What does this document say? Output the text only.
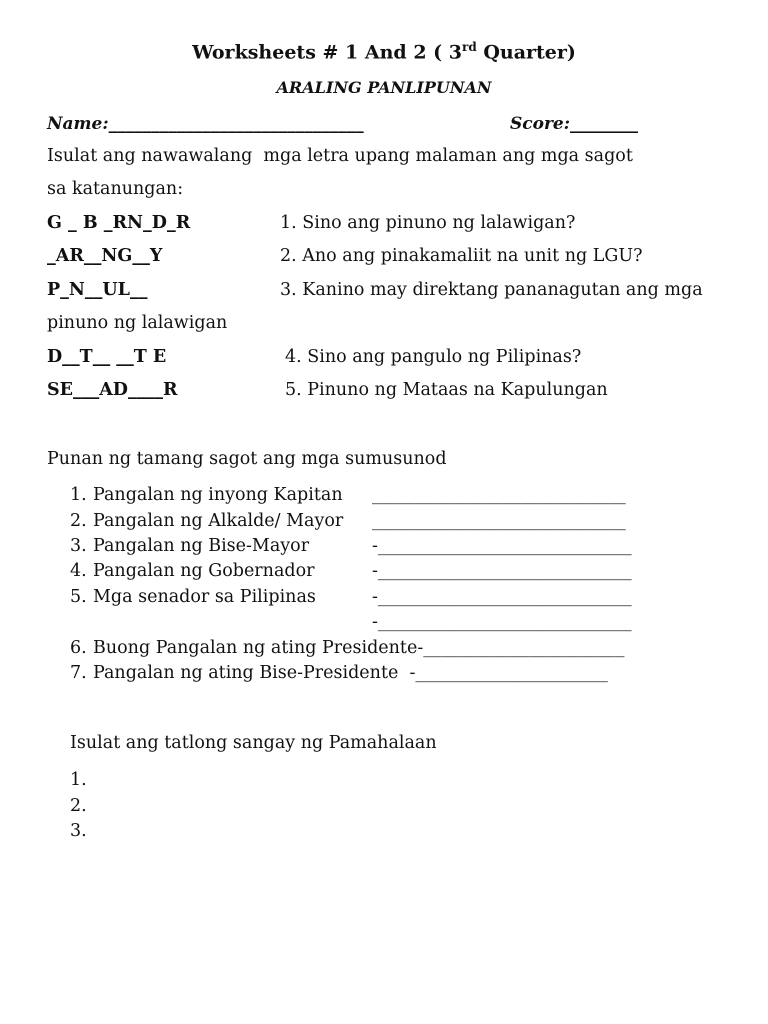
Worksheets # 1 And 2 ( 3rd Quarter)
ARALING PANLIPUNAN
Name:______________________________	Score:________
Isulat ang nawawalang  mga letra upang malaman ang mga sagot
sa katanungan:
G _ B _RN_D_R	1. Sino ang pinuno ng lalawigan?
_AR__NG__Y	2. Ano ang pinakamaliit na unit ng LGU?
P_N__UL__	3. Kanino may direktang pananagutan ang mga
pinuno ng lalawigan
D__T__ __T E	4. Sino ang pangulo ng Pilipinas?
SE___AD____R	5. Pinuno ng Mataas na Kapulungan
Punan ng tamang sagot ang mga sumusunod
1. Pangalan ng inyong Kapitan _____________________________
2. Pangalan ng Alkalde/ Mayor _____________________________
3. Pangalan ng Bise-Mayor	-_____________________________
4. Pangalan ng Gobernador	-_____________________________
5. Mga senador sa Pilipinas	-_____________________________
-_____________________________
6. Buong Pangalan ng ating Presidente-_______________________
7. Pangalan ng ating Bise-Presidente  -______________________
Isulat ang tatlong sangay ng Pamahalaan
1.
2.
3.
